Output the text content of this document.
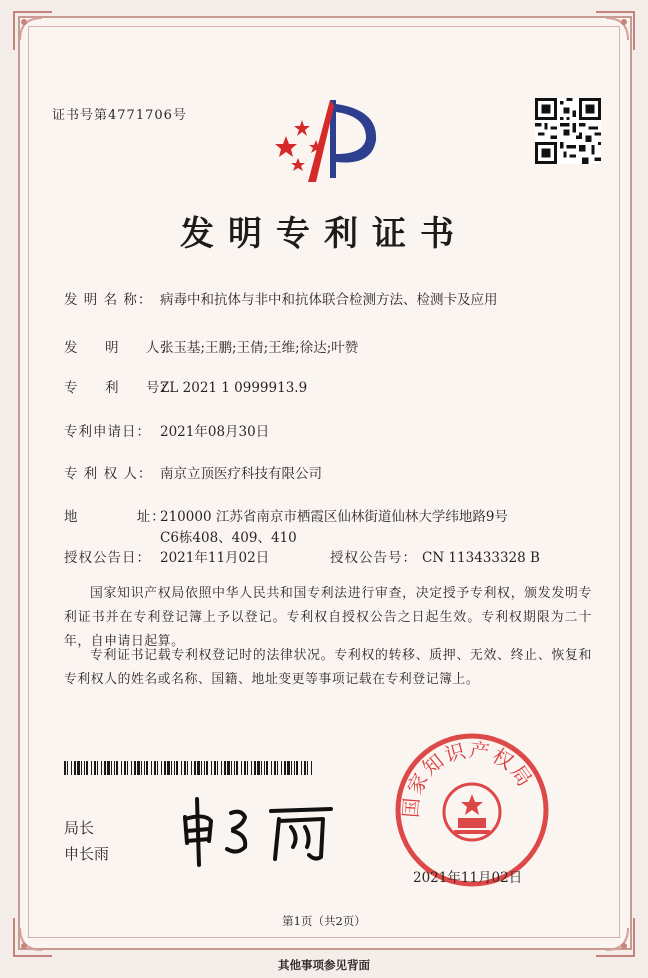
证书号第4771706号
发明专利证书
发 明 名 称： 病毒中和抗体与非中和抗体联合检测方法、检测卡及应用
发     明     人：
张玉基;王鹏;王倩;王维;徐达;叶赞
专     利     号：
ZL 2021 1 0999913.9
专利申请日： 2021年08月30日
专 利 权 人： 南京立顶医疗科技有限公司
地           址：
210000 江苏省南京市栖霞区仙林街道仙林大学纬地路9号C6栋408、409、410
授权公告日： 2021年11月02日	授权公告号： CN 113433328 B
国家知识产权局依照中华人民共和国专利法进行审查，决定授予专利权，颁发发明专利证书并在专利登记簿上予以登记。专利权自授权公告之日起生效。专利权期限为二十年，自申请日起算。
专利证书记载专利权登记时的法律状况。专利权的转移、质押、无效、终止、恢复和专利权人的姓名或名称、国籍、地址变更等事项记载在专利登记簿上。
局长
申长雨
国家知识产权局
2021年11月02日
第1页（共2页）
其他事项参见背面
